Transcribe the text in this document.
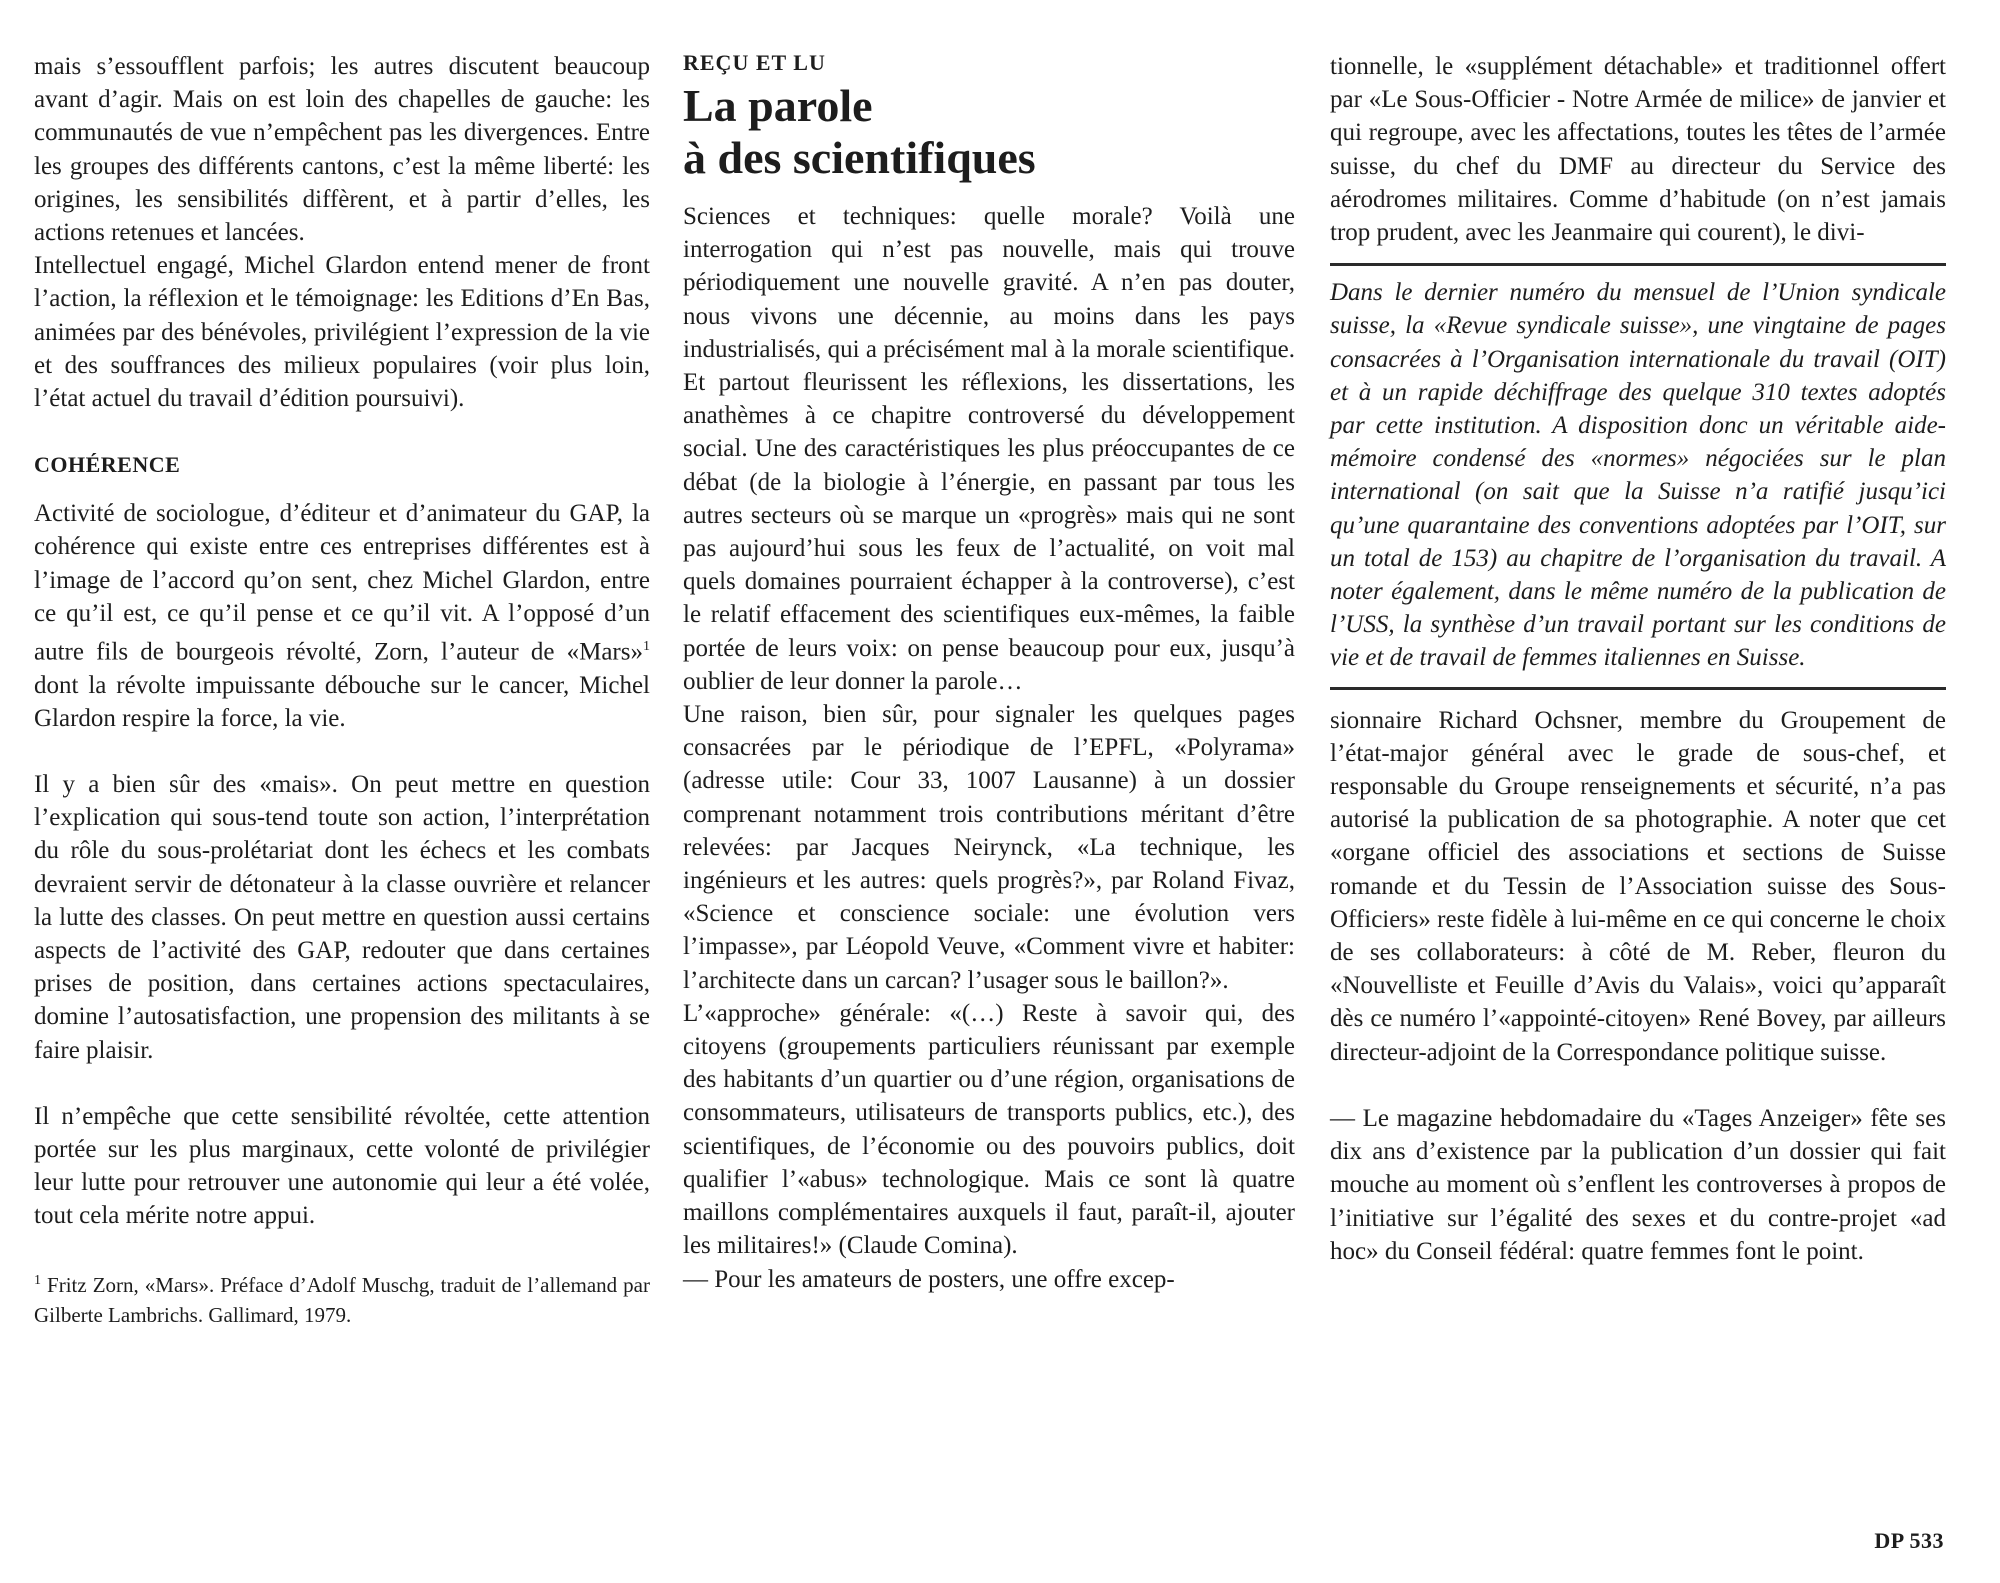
mais s’essoufflent parfois; les autres discutent beaucoup avant d’agir. Mais on est loin des chapelles de gauche: les communautés de vue n’empêchent pas les divergences. Entre les groupes des différents cantons, c’est la même liberté: les origines, les sensibilités diffèrent, et à partir d’elles, les actions retenues et lancées.

Intellectuel engagé, Michel Glardon entend mener de front l’action, la réflexion et le témoignage: les Editions d’En Bas, animées par des bénévoles, privilégient l’expression de la vie et des souffrances des milieux populaires (voir plus loin, l’état actuel du travail d’édition poursuivi).

COHÉRENCE

Activité de sociologue, d’éditeur et d’animateur du GAP, la cohérence qui existe entre ces entreprises différentes est à l’image de l’accord qu’on sent, chez Michel Glardon, entre ce qu’il est, ce qu’il pense et ce qu’il vit. A l’opposé d’un autre fils de bourgeois révolté, Zorn, l’auteur de «Mars»$^1$ dont la révolte impuissante débouche sur le cancer, Michel Glardon respire la force, la vie.

Il y a bien sûr des «mais». On peut mettre en question l’explication qui sous-tend toute son action, l’interprétation du rôle du sous-prolétariat dont les échecs et les combats devraient servir de détonateur à la classe ouvrière et relancer la lutte des classes. On peut mettre en question aussi certains aspects de l’activité des GAP, redouter que dans certaines prises de position, dans certaines actions spectaculaires, domine l’autosatisfaction, une propension des militants à se faire plaisir.

Il n’empêche que cette sensibilité révoltée, cette attention portée sur les plus marginaux, cette volonté de privilégier leur lutte pour retrouver une autonomie qui leur a été volée, tout cela mérite notre appui.

$^1$ Fritz Zorn, «Mars». Préface d’Adolf Muschg, traduit de l’allemand par Gilberte Lambrichs. Gallimard, 1979.

REÇU ET LU
La parole
à des scientifiques

Sciences et techniques: quelle morale? Voilà une interrogation qui n’est pas nouvelle, mais qui trouve périodiquement une nouvelle gravité. A n’en pas douter, nous vivons une décennie, au moins dans les pays industrialisés, qui a précisément mal à la morale scientifique. Et partout fleurissent les réflexions, les dissertations, les anathèmes à ce chapitre controversé du développement social. Une des caractéristiques les plus préoccupantes de ce débat (de la biologie à l’énergie, en passant par tous les autres secteurs où se marque un «progrès» mais qui ne sont pas aujourd’hui sous les feux de l’actualité, on voit mal quels domaines pourraient échapper à la controverse), c’est le relatif effacement des scientifiques eux-mêmes, la faible portée de leurs voix: on pense beaucoup pour eux, jusqu’à oublier de leur donner la parole…

Une raison, bien sûr, pour signaler les quelques pages consacrées par le périodique de l’EPFL, «Polyrama» (adresse utile: Cour 33, 1007 Lausanne) à un dossier comprenant notamment trois contributions méritant d’être relevées: par Jacques Neirynck, «La technique, les ingénieurs et les autres: quels progrès?», par Roland Fivaz, «Science et conscience sociale: une évolution vers l’impasse», par Léopold Veuve, «Comment vivre et habiter: l’architecte dans un carcan? l’usager sous le baillon?».

L’«approche» générale: «(…) Reste à savoir qui, des citoyens (groupements particuliers réunissant par exemple des habitants d’un quartier ou d’une région, organisations de consommateurs, utilisateurs de transports publics, etc.), des scientifiques, de l’économie ou des pouvoirs publics, doit qualifier l’«abus» technologique. Mais ce sont là quatre maillons complémentaires auxquels il faut, paraît-il, ajouter les militaires!» (Claude Comina).

— Pour les amateurs de posters, une offre excep-

tionnelle, le «supplément détachable» et traditionnel offert par «Le Sous-Officier - Notre Armée de milice» de janvier et qui regroupe, avec les affectations, toutes les têtes de l’armée suisse, du chef du DMF au directeur du Service des aérodromes militaires. Comme d’habitude (on n’est jamais trop prudent, avec les Jeanmaire qui courent), le divi-

Dans le dernier numéro du mensuel de l’Union syndicale suisse, la «Revue syndicale suisse», une vingtaine de pages consacrées à l’Organisation internationale du travail (OIT) et à un rapide déchiffrage des quelque 310 textes adoptés par cette institution. A disposition donc un véritable aide-mémoire condensé des «normes» négociées sur le plan international (on sait que la Suisse n’a ratifié jusqu’ici qu’une quarantaine des conventions adoptées par l’OIT, sur un total de 153) au chapitre de l’organisation du travail. A noter également, dans le même numéro de la publication de l’USS, la synthèse d’un travail portant sur les conditions de vie et de travail de femmes italiennes en Suisse.

sionnaire Richard Ochsner, membre du Groupement de l’état-major général avec le grade de sous-chef, et responsable du Groupe renseignements et sécurité, n’a pas autorisé la publication de sa photographie. A noter que cet «organe officiel des associations et sections de Suisse romande et du Tessin de l’Association suisse des Sous-Officiers» reste fidèle à lui-même en ce qui concerne le choix de ses collaborateurs: à côté de M. Reber, fleuron du «Nouvelliste et Feuille d’Avis du Valais», voici qu’apparaît dès ce numéro l’«appointé-citoyen» René Bovey, par ailleurs directeur-adjoint de la Correspondance politique suisse.

— Le magazine hebdomadaire du «Tages Anzeiger» fête ses dix ans d’existence par la publication d’un dossier qui fait mouche au moment où s’enflent les controverses à propos de l’initiative sur l’égalité des sexes et du contre-projet «ad hoc» du Conseil fédéral: quatre femmes font le point.

DP 533
